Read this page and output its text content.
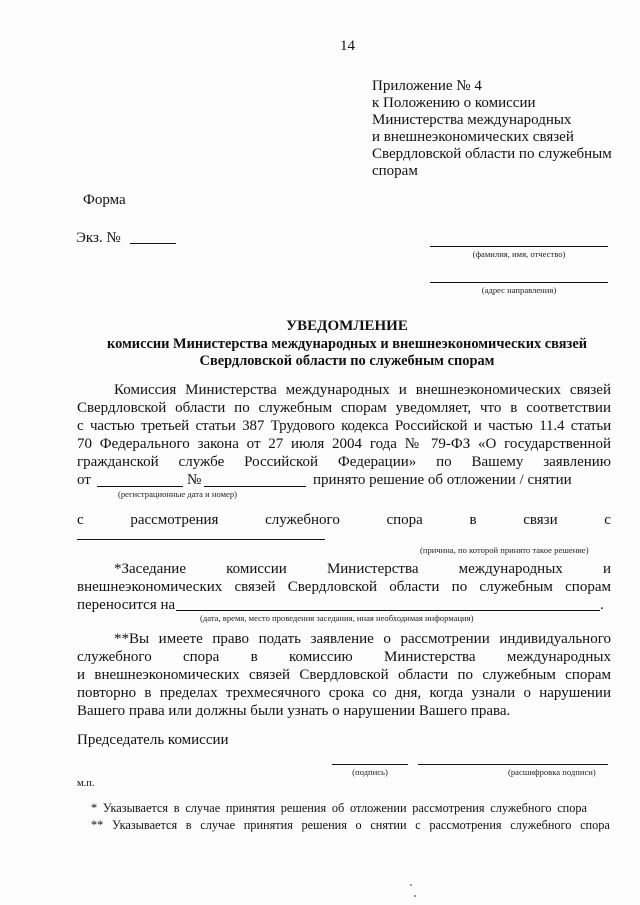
14
Приложение № 4
к Положению о комиссии
Министерства международных
и внешнеэкономических связей
Свердловской области по служебным
спорам
Форма
Экз. №
(фамилия, имя, отчество)
(адрес направления)
УВЕДОМЛЕНИЕ
комиссии Министерства международных и внешнеэкономических связей
Свердловской области по служебным спорам
Комиссия Министерства международных и внешнеэкономических связей
Свердловской области по служебным спорам уведомляет, что в соответствии
с частью третьей статьи 387 Трудового кодекса Российской и частью 11.4 статьи
70 Федерального закона от 27 июля 2004 года № 79-ФЗ «О государственной
гражданской службе Российской Федерации» по Вашему заявлению
от	№	принято решение об отложении / снятии
(регистрационные дата и номер)
с	рассмотрения	служебного	спора	в	связи	с
(причина, по которой принято такое решение)
*Заседание	комиссии	Министерства	международных	и
внешнеэкономических связей Свердловской области по служебным спорам
переносится на	.
(дата, время, место проведения заседания, иная необходимая информация)
**Вы имеете право подать заявление о рассмотрении индивидуального
служебного спора в комиссию Министерства международных
и внешнеэкономических связей Свердловской области по служебным спорам
повторно в пределах трехмесячного срока со дня, когда узнали о нарушении
Вашего права или должны были узнать о нарушении Вашего права.
Председатель комиссии
(подпись)	(расшифровка подписи)
м.п.
* Указывается в случае принятия решения об отложении рассмотрения служебного спора
** Указывается в случае принятия решения о снятии с рассмотрения служебного спора
